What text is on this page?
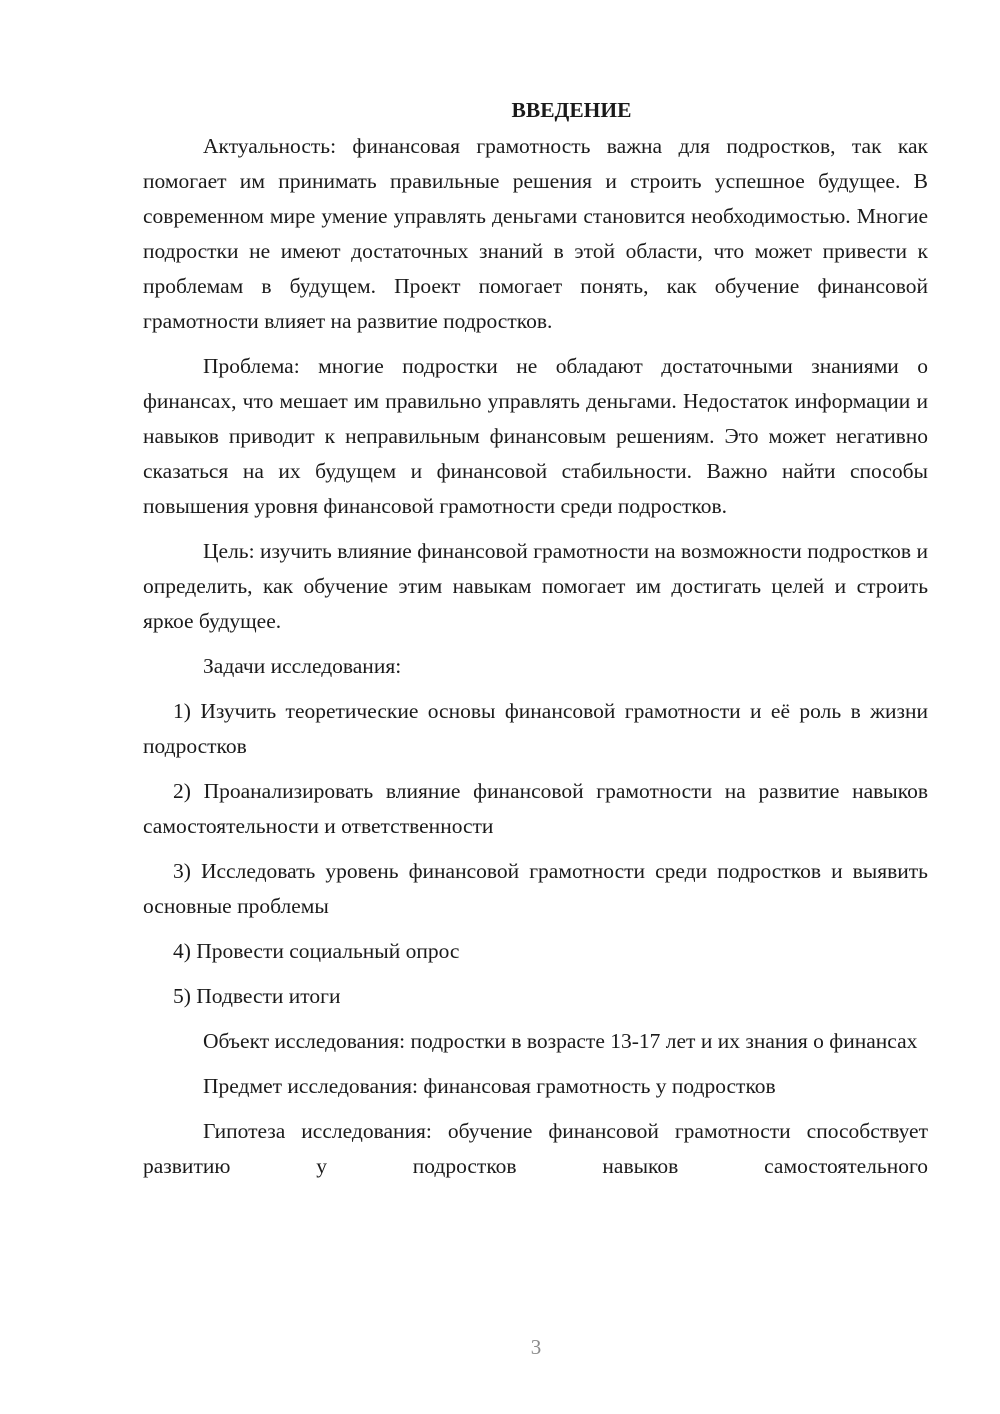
ВВЕДЕНИЕ

Актуальность: финансовая грамотность важна для подростков, так как помогает им принимать правильные решения и строить успешное будущее. В современном мире умение управлять деньгами становится необходимостью. Многие подростки не имеют достаточных знаний в этой области, что может привести к проблемам в будущем. Проект помогает понять, как обучение финансовой грамотности влияет на развитие подростков.

Проблема: многие подростки не обладают достаточными знаниями о финансах, что мешает им правильно управлять деньгами. Недостаток информации и навыков приводит к неправильным финансовым решениям. Это может негативно сказаться на их будущем и финансовой стабильности. Важно найти способы повышения уровня финансовой грамотности среди подростков.

Цель: изучить влияние финансовой грамотности на возможности подростков и определить, как обучение этим навыкам помогает им достигать целей и строить яркое будущее.

Задачи исследования:

1) Изучить теоретические основы финансовой грамотности и её роль в жизни подростков

2) Проанализировать влияние финансовой грамотности на развитие навыков самостоятельности и ответственности

3) Исследовать уровень финансовой грамотности среди подростков и выявить основные проблемы

4) Провести социальный опрос

5) Подвести итоги

Объект исследования: подростки в возрасте 13-17 лет и их знания о финансах

Предмет исследования: финансовая грамотность у подростков

Гипотеза исследования: обучение финансовой грамотности способствует развитию у подростков навыков самостоятельного

3
